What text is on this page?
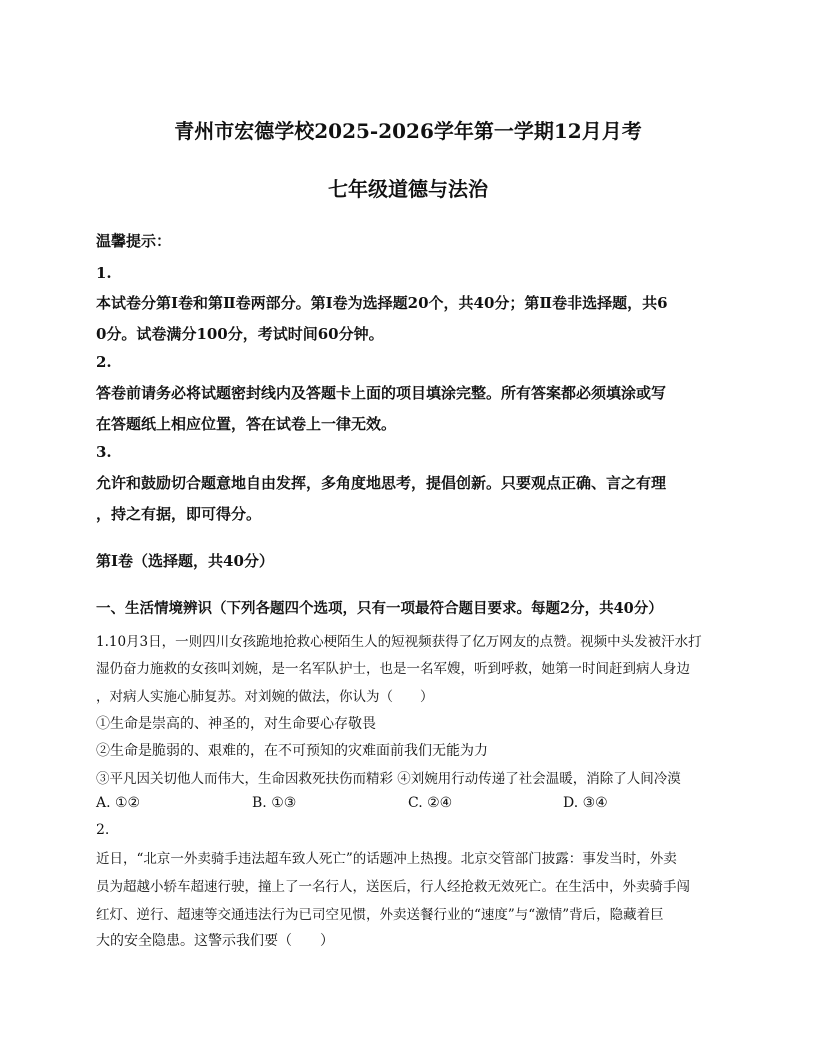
青州市宏德学校2025-2026学年第一学期12月月考
七年级道德与法治
温馨提示：
1.
本试卷分第Ⅰ卷和第Ⅱ卷两部分。第Ⅰ卷为选择题20个，共40分；第Ⅱ卷非选择题，共6
0分。试卷满分100分，考试时间60分钟。
2.
答卷前请务必将试题密封线内及答题卡上面的项目填涂完整。所有答案都必须填涂或写
在答题纸上相应位置，答在试卷上一律无效。
3.
允许和鼓励切合题意地自由发挥，多角度地思考，提倡创新。只要观点正确、言之有理
，持之有据，即可得分。
第Ⅰ卷（选择题，共40分）
一、生活情境辨识（下列各题四个选项，只有一项最符合题目要求。每题2分，共40分）
1.10月3日，一则四川女孩跪地抢救心梗陌生人的短视频获得了亿万网友的点赞。视频中头发被汗水打
湿仍奋力施救的女孩叫刘婉，是一名军队护士，也是一名军嫂，听到呼救，她第一时间赶到病人身边
，对病人实施心肺复苏。对刘婉的做法，你认为（　　）
①生命是崇高的、神圣的，对生命要心存敬畏
②生命是脆弱的、艰难的，在不可预知的灾难面前我们无能为力
③平凡因关切他人而伟大，生命因救死扶伤而精彩 ④刘婉用行动传递了社会温暖，消除了人间冷漠
A. ①②	B. ①③	C. ②④	D. ③④
2.
近日，“北京一外卖骑手违法超车致人死亡”的话题冲上热搜。北京交管部门披露：事发当时，外卖
员为超越小轿车超速行驶，撞上了一名行人，送医后，行人经抢救无效死亡。在生活中，外卖骑手闯
红灯、逆行、超速等交通违法行为已司空见惯，外卖送餐行业的“速度”与“激情”背后，隐藏着巨
大的安全隐患。这警示我们要（　　）
